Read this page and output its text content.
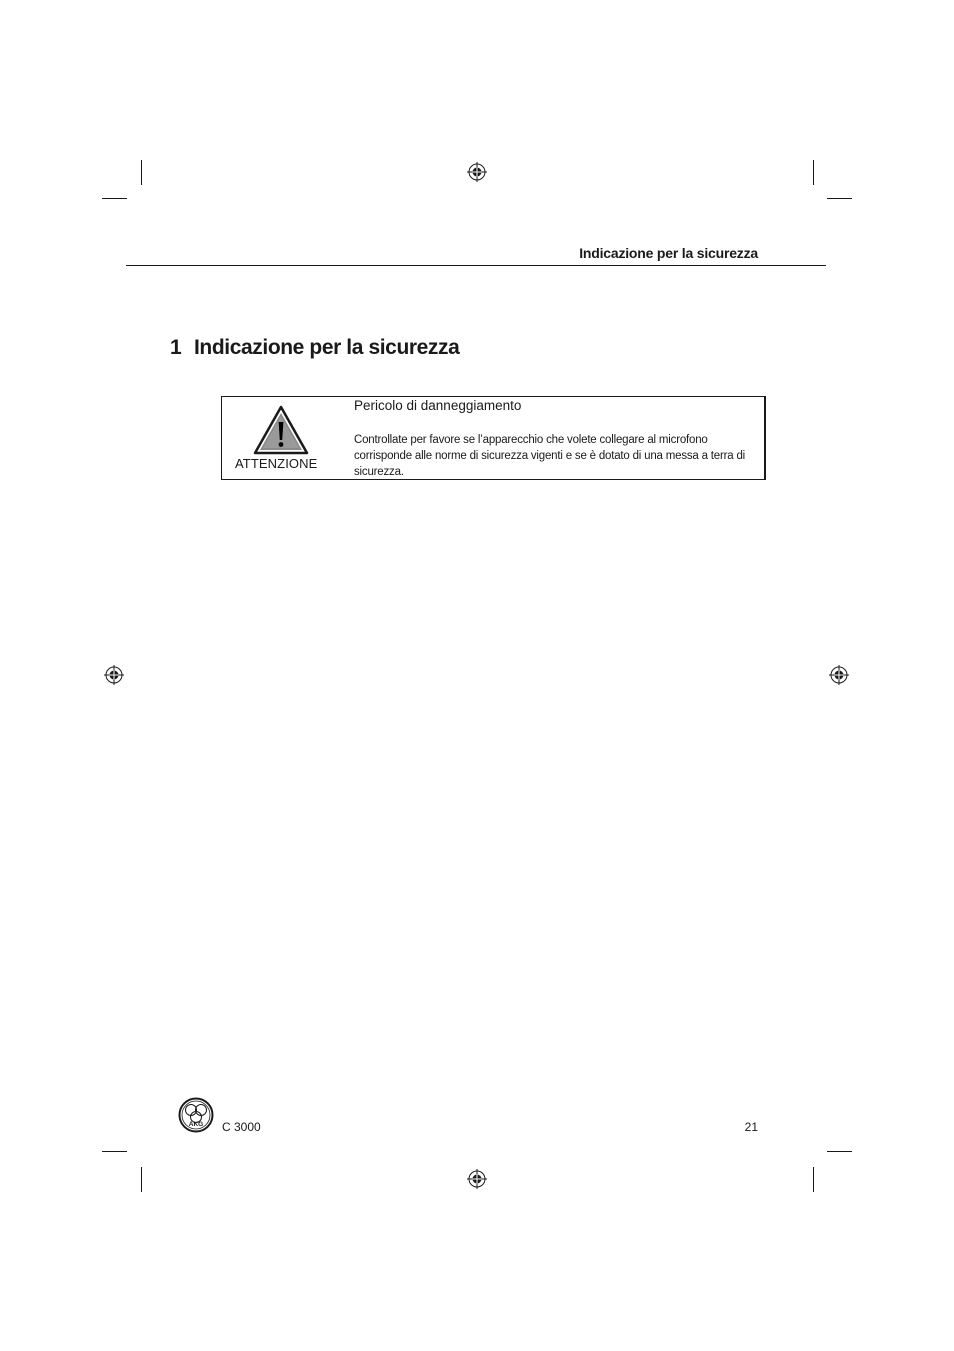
Indicazione per la sicurezza
1 Indicazione per la sicurezza
ATTENZIONE
Pericolo di danneggiamento
Controllate per favore se l’apparecchio che volete collegare al microfono corrisponde alle norme di sicurezza vigenti e se è dotato di una messa a terra di sicurezza.
AKG C 3000	21
